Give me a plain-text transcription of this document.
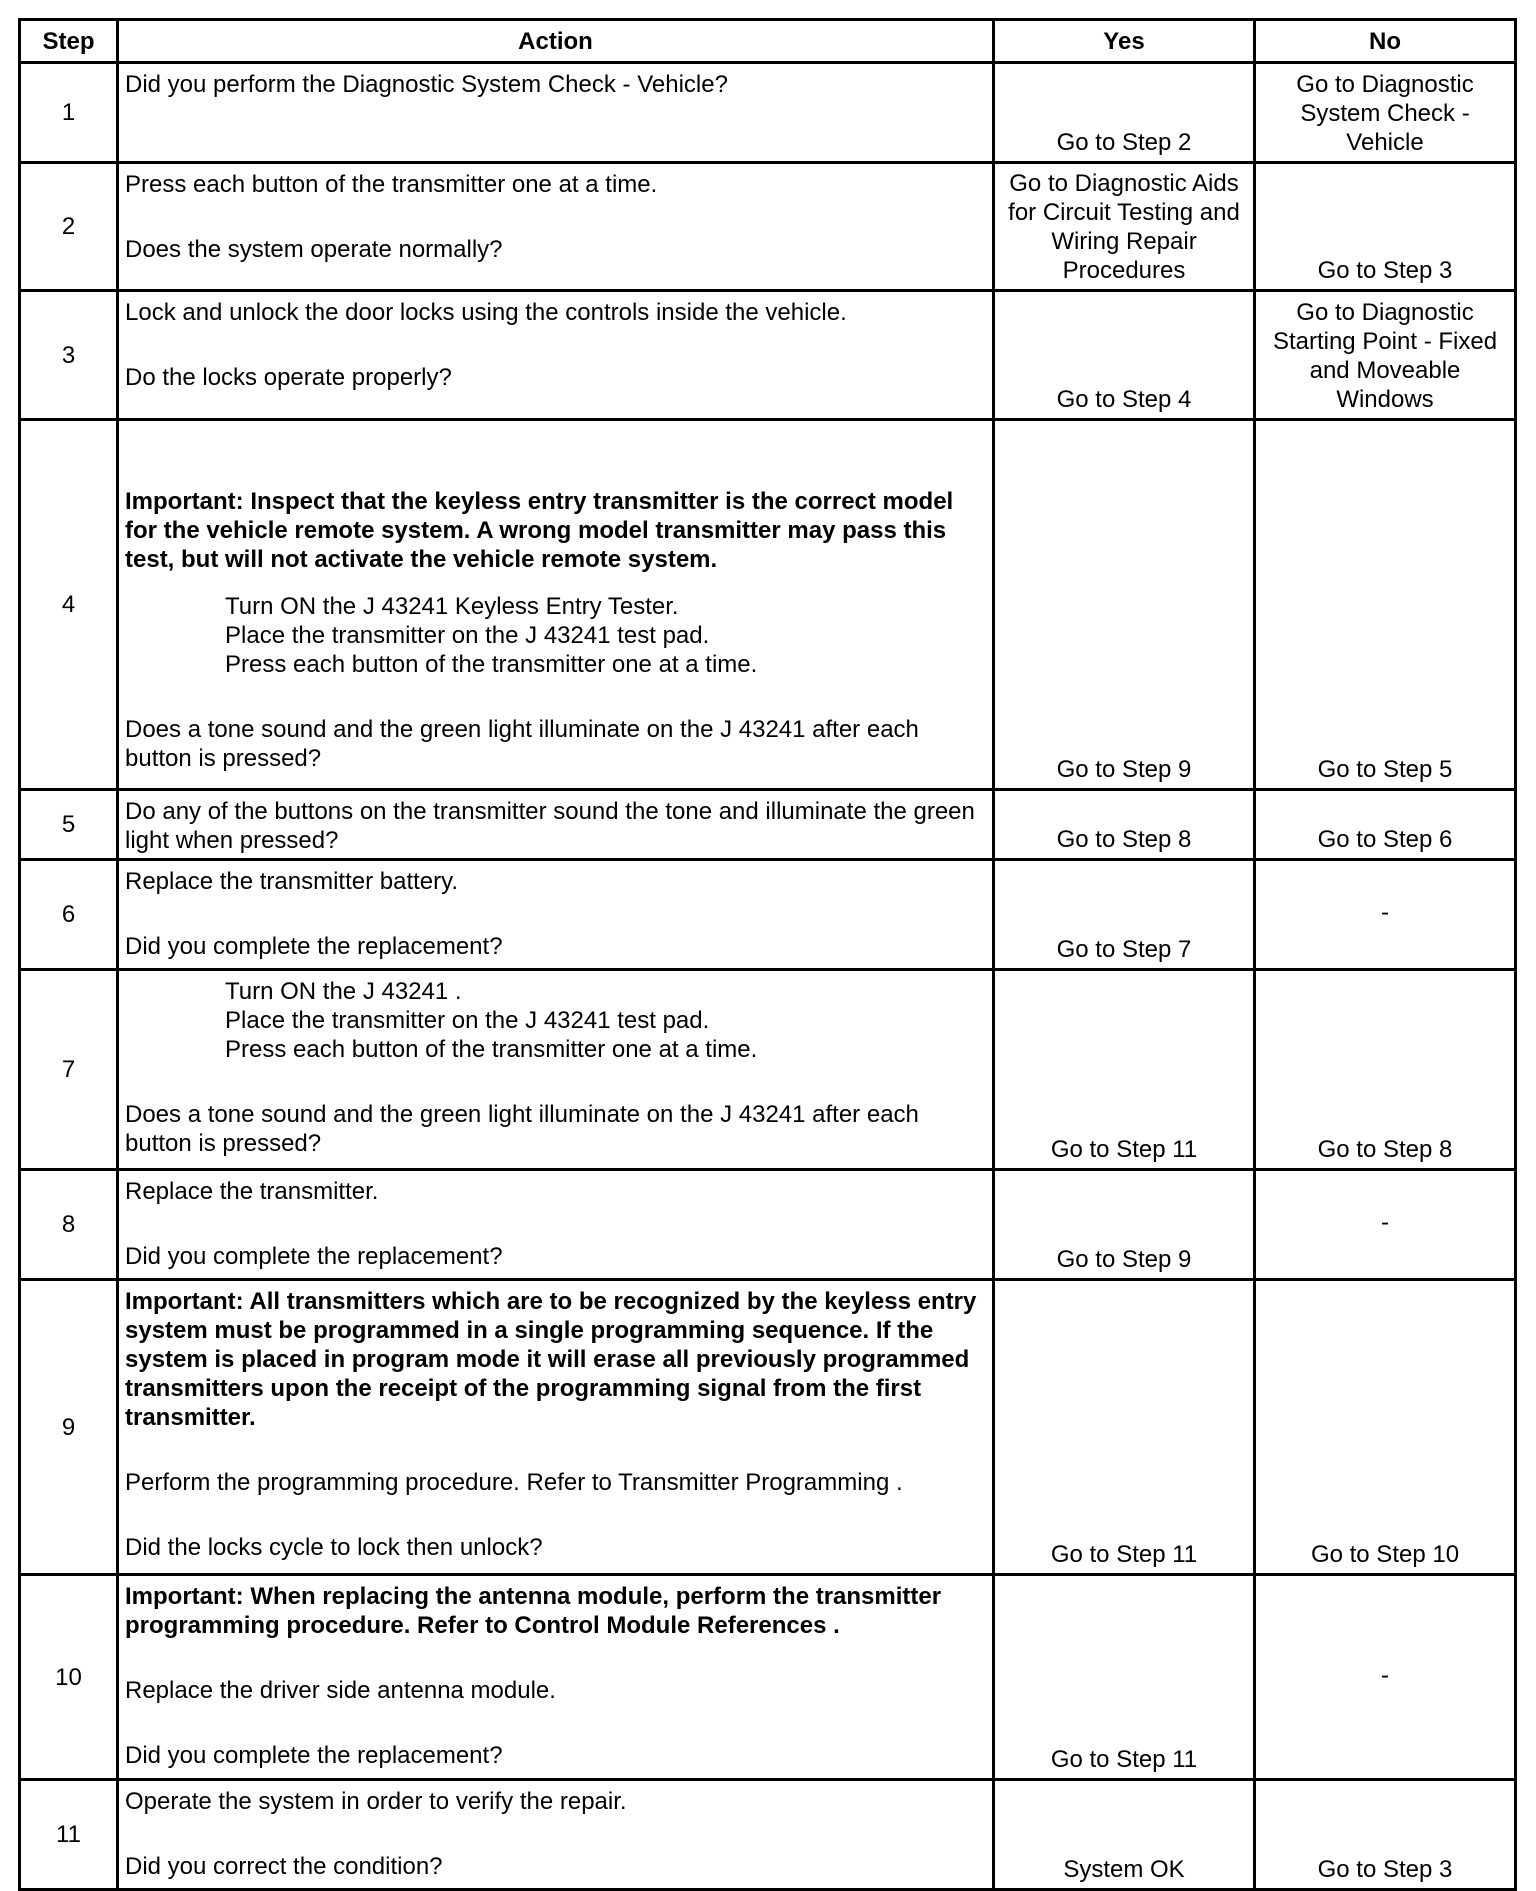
Step	Action	Yes	No
1	Did you perform the Diagnostic System Check - Vehicle?	Go to Step 2	Go to Diagnostic System Check - Vehicle
2	Press each button of the transmitter one at a time.
Does the system operate normally?	Go to Diagnostic Aids for Circuit Testing and Wiring Repair Procedures	Go to Step 3
3	Lock and unlock the door locks using the controls inside the vehicle.
Do the locks operate properly?	Go to Step 4	Go to Diagnostic Starting Point - Fixed and Moveable Windows
4	Important: Inspect that the keyless entry transmitter is the correct model for the vehicle remote system. A wrong model transmitter may pass this test, but will not activate the vehicle remote system.
Turn ON the J 43241 Keyless Entry Tester.
Place the transmitter on the J 43241 test pad.
Press each button of the transmitter one at a time.
Does a tone sound and the green light illuminate on the J 43241 after each button is pressed?	Go to Step 9	Go to Step 5
5	Do any of the buttons on the transmitter sound the tone and illuminate the green light when pressed?	Go to Step 8	Go to Step 6
6	Replace the transmitter battery.
Did you complete the replacement?	Go to Step 7	-
7	Turn ON the J 43241 .
Place the transmitter on the J 43241 test pad.
Press each button of the transmitter one at a time.
Does a tone sound and the green light illuminate on the J 43241 after each button is pressed?	Go to Step 11	Go to Step 8
8	Replace the transmitter.
Did you complete the replacement?	Go to Step 9	-
9	Important: All transmitters which are to be recognized by the keyless entry system must be programmed in a single programming sequence. If the system is placed in program mode it will erase all previously programmed transmitters upon the receipt of the programming signal from the first transmitter.
Perform the programming procedure. Refer to Transmitter Programming .
Did the locks cycle to lock then unlock?	Go to Step 11	Go to Step 10
10	Important: When replacing the antenna module, perform the transmitter programming procedure. Refer to Control Module References .
Replace the driver side antenna module.
Did you complete the replacement?	Go to Step 11	-
11	Operate the system in order to verify the repair.
Did you correct the condition?	System OK	Go to Step 3
